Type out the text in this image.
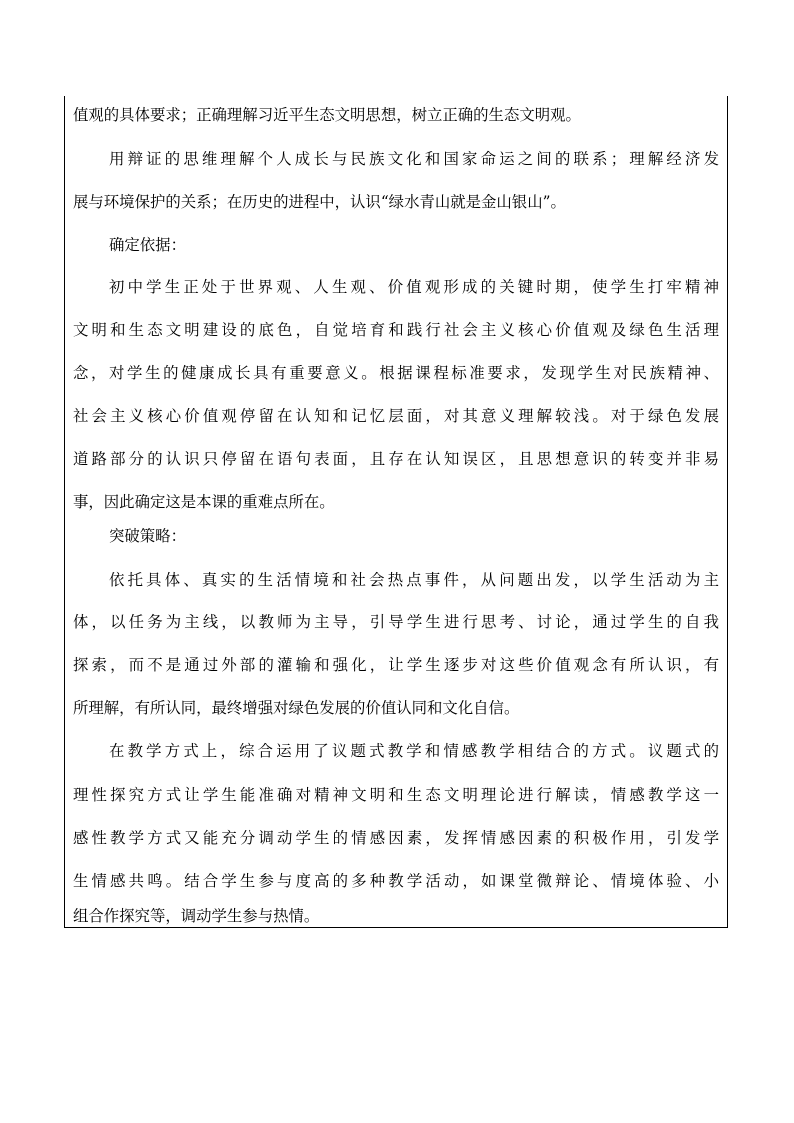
值观的具体要求；正确理解习近平生态文明思想，树立正确的生态文明观。
用辩证的思维理解个人成长与民族文化和国家命运之间的联系；理解经济发
展与环境保护的关系；在历史的进程中，认识“绿水青山就是金山银山”。
确定依据：
初中学生正处于世界观、人生观、价值观形成的关键时期，使学生打牢精神
文明和生态文明建设的底色，自觉培育和践行社会主义核心价值观及绿色生活理
念，对学生的健康成长具有重要意义。根据课程标准要求，发现学生对民族精神、
社会主义核心价值观停留在认知和记忆层面，对其意义理解较浅。对于绿色发展
道路部分的认识只停留在语句表面，且存在认知误区，且思想意识的转变并非易
事，因此确定这是本课的重难点所在。
突破策略：
依托具体、真实的生活情境和社会热点事件，从问题出发，以学生活动为主
体，以任务为主线，以教师为主导，引导学生进行思考、讨论，通过学生的自我
探索，而不是通过外部的灌输和强化，让学生逐步对这些价值观念有所认识，有
所理解，有所认同，最终增强对绿色发展的价值认同和文化自信。
在教学方式上，综合运用了议题式教学和情感教学相结合的方式。议题式的
理性探究方式让学生能准确对精神文明和生态文明理论进行解读，情感教学这一
感性教学方式又能充分调动学生的情感因素，发挥情感因素的积极作用，引发学
生情感共鸣。结合学生参与度高的多种教学活动，如课堂微辩论、情境体验、小
组合作探究等，调动学生参与热情。
